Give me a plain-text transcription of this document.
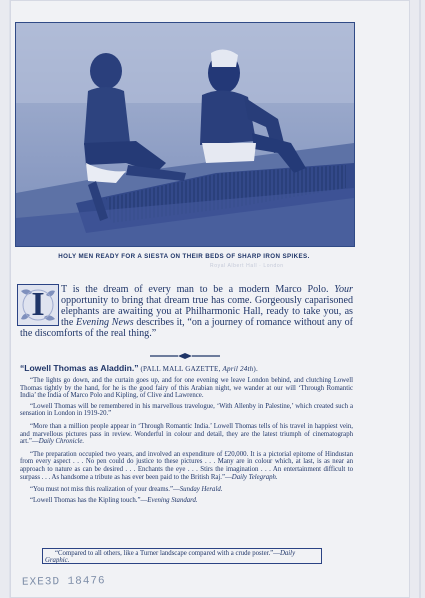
HOLY MEN READY FOR A SIESTA ON THEIR BEDS OF SHARP IRON SPIKES.
Royal Albert Hall · London
T is the dream of every man to be a modern Marco Polo. Your opportunity to bring that dream true has come. Gorgeously caparisoned elephants are awaiting you at Philharmonic Hall, ready to take you, as the Evening News describes it, “on a journey of romance without any of the discomforts of the real thing.”
I
“Lowell Thomas as Aladdin.” (PALL MALL GAZETTE, April 24th).

“The lights go down, and the curtain goes up, and for one evening we leave London behind, and clutching Lowell Thomas tightly by the hand, for he is the good fairy of this Arabian night, we wander at our will ‘Through Romantic India’ the India of Marco Polo and Kipling, of Clive and Lawrence.

“Lowell Thomas will be remembered in his marvellous travelogue, ‘With Allenby in Palestine,’ which created such a sensation in London in 1919-20.”

“More than a million people appear in ‘Through Romantic India.’ Lowell Thomas tells of his travel in happiest vein, and marvellous pictures pass in review. Wonderful in colour and detail, they are the latest triumph of cinematograph art.”—Daily Chronicle.

“The preparation occupied two years, and involved an expenditure of £20,000. It is a pictorial epitome of Hindustan from every aspect . . . No pen could do justice to these pictures . . . Many are in colour which, at last, is as near an approach to nature as can be desired . . . Enchants the eye . . . Stirs the imagination . . . An entertainment difficult to surpass . . . As handsome a tribute as has ever been paid to the British Raj.”—Daily Telegraph.

“You must not miss this realization of your dreams.”—Sunday Herald.

“Lowell Thomas has the Kipling touch.”—Evening Standard.

“Compared to all others, like a Turner landscape compared with a crude poster.”—Daily Graphic.
EXE3D 18476
